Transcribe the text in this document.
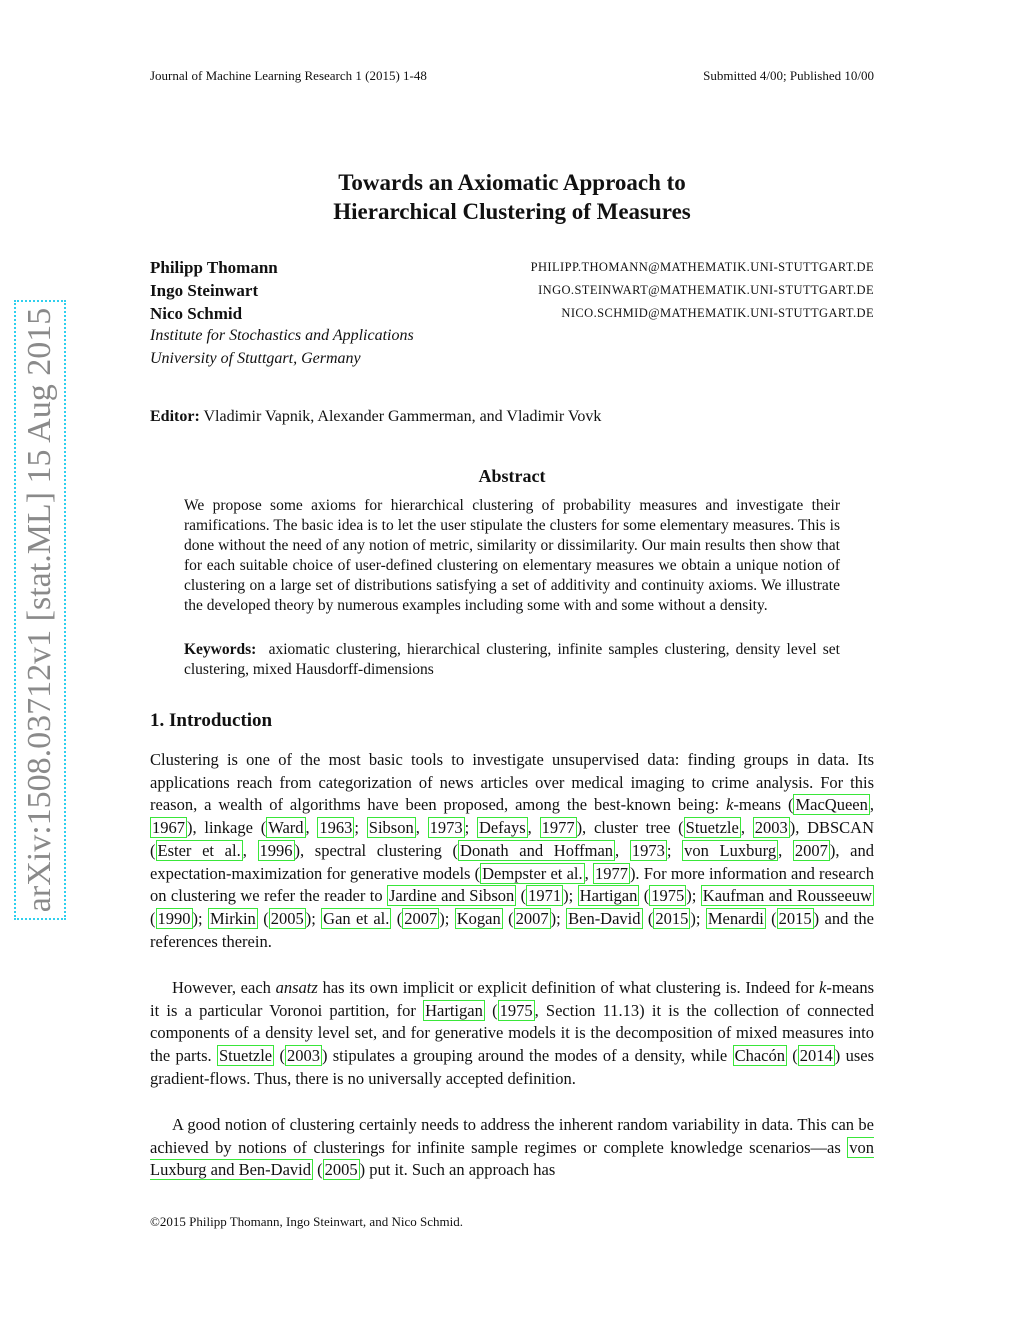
Journal of Machine Learning Research 1 (2015) 1-48	Submitted 4/00; Published 10/00
arXiv:1508.03712v1 [stat.ML] 15 Aug 2015
Towards an Axiomatic Approach to
Hierarchical Clustering of Measures
Philipp Thomann	PHILIPP.THOMANN@MATHEMATIK.UNI-STUTTGART.DE
Ingo Steinwart	INGO.STEINWART@MATHEMATIK.UNI-STUTTGART.DE
Nico Schmid	NICO.SCHMID@MATHEMATIK.UNI-STUTTGART.DE
Institute for Stochastics and Applications
University of Stuttgart, Germany
Editor: Vladimir Vapnik, Alexander Gammerman, and Vladimir Vovk
Abstract
We propose some axioms for hierarchical clustering of probability measures and investigate their ramifications. The basic idea is to let the user stipulate the clusters for some elementary measures. This is done without the need of any notion of metric, similarity or dissimilarity. Our main results then show that for each suitable choice of user-defined clustering on elementary measures we obtain a unique notion of clustering on a large set of distributions satisfying a set of additivity and continuity axioms. We illustrate the developed theory by numerous examples including some with and some without a density.
Keywords: axiomatic clustering, hierarchical clustering, infinite samples clustering, density level set clustering, mixed Hausdorff-dimensions
1. Introduction
Clustering is one of the most basic tools to investigate unsupervised data: finding groups in data. Its applications reach from categorization of news articles over medical imaging to crime analysis. For this reason, a wealth of algorithms have been proposed, among the best-known being: k-means ( MacQueen , 1967 ), linkage ( Ward , 1963 ; Sibson , 1973 ; Defays , 1977 ), cluster tree ( Stuetzle , 2003 ), DBSCAN ( Ester et al. , 1996 ), spectral clustering ( Donath and Hoffman , 1973 ; von Luxburg , 2007 ), and expectation-maximization for generative models ( Dempster et al. , 1977 ). For more information and research on clustering we refer the reader to Jardine and Sibson ( 1971 ); Hartigan ( 1975 ); Kaufman and Rousseeuw ( 1990 ); Mirkin ( 2005 ); Gan et al. ( 2007 ); Kogan ( 2007 ); Ben-David ( 2015 ); Menardi ( 2015 ) and the references therein.
However, each ansatz has its own implicit or explicit definition of what clustering is. Indeed for k-means it is a particular Voronoi partition, for Hartigan ( 1975 , Section 11.13) it is the collection of connected components of a density level set, and for generative models it is the decomposition of mixed measures into the parts. Stuetzle ( 2003 ) stipulates a grouping around the modes of a density, while Chacón ( 2014 ) uses gradient-flows. Thus, there is no universally accepted definition.
A good notion of clustering certainly needs to address the inherent random variability in data. This can be achieved by notions of clusterings for infinite sample regimes or complete knowledge scenarios—as von Luxburg and Ben-David ( 2005 ) put it. Such an approach has
©2015 Philipp Thomann, Ingo Steinwart, and Nico Schmid.
